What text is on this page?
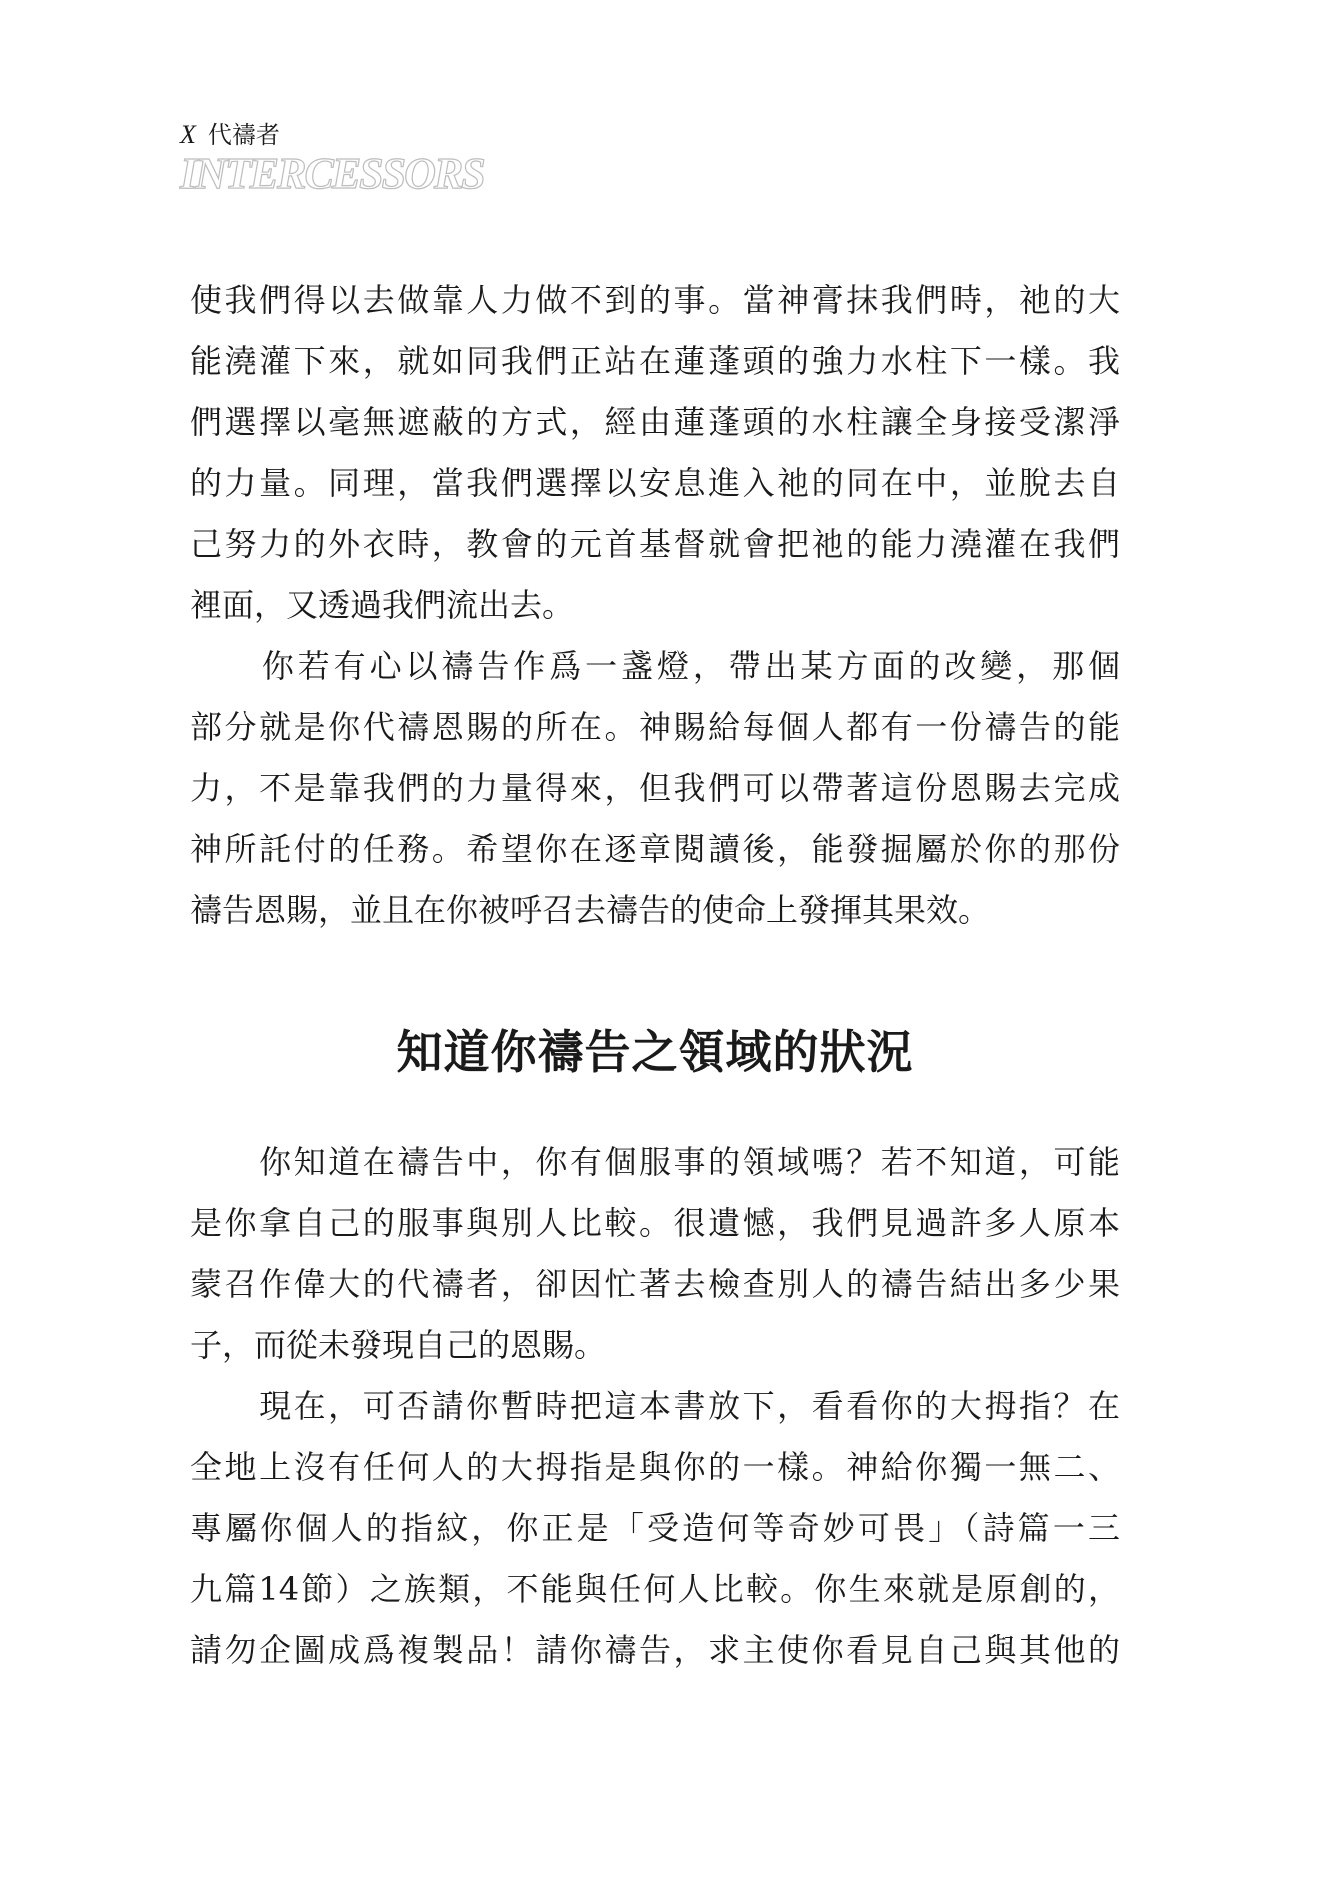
X 代禱者
INTERCESSORS

使我們得以去做靠人力做不到的事。當神膏抹我們時，祂的大
能澆灌下來，就如同我們正站在蓮蓬頭的強力水柱下一樣。我
們選擇以毫無遮蔽的方式，經由蓮蓬頭的水柱讓全身接受潔淨
的力量。同理，當我們選擇以安息進入祂的同在中，並脫去自
己努力的外衣時，教會的元首基督就會把祂的能力澆灌在我們
裡面，又透過我們流出去。

　　你若有心以禱告作爲一盞燈，帶出某方面的改變，那個
部分就是你代禱恩賜的所在。神賜給每個人都有一份禱告的能
力，不是靠我們的力量得來，但我們可以帶著這份恩賜去完成
神所託付的任務。希望你在逐章閱讀後，能發掘屬於你的那份
禱告恩賜，並且在你被呼召去禱告的使命上發揮其果效。

知道你禱告之領域的狀況

　　你知道在禱告中，你有個服事的領域嗎？若不知道，可能
是你拿自己的服事與別人比較。很遺憾，我們見過許多人原本
蒙召作偉大的代禱者，卻因忙著去檢查別人的禱告結出多少果
子，而從未發現自己的恩賜。

　　現在，可否請你暫時把這本書放下，看看你的大拇指？在
全地上沒有任何人的大拇指是與你的一樣。神給你獨一無二、
專屬你個人的指紋，你正是「受造何等奇妙可畏」（詩篇一三
九篇14節）之族類，不能與任何人比較。你生來就是原創的，
請勿企圖成爲複製品！請你禱告，求主使你看見自己與其他的
